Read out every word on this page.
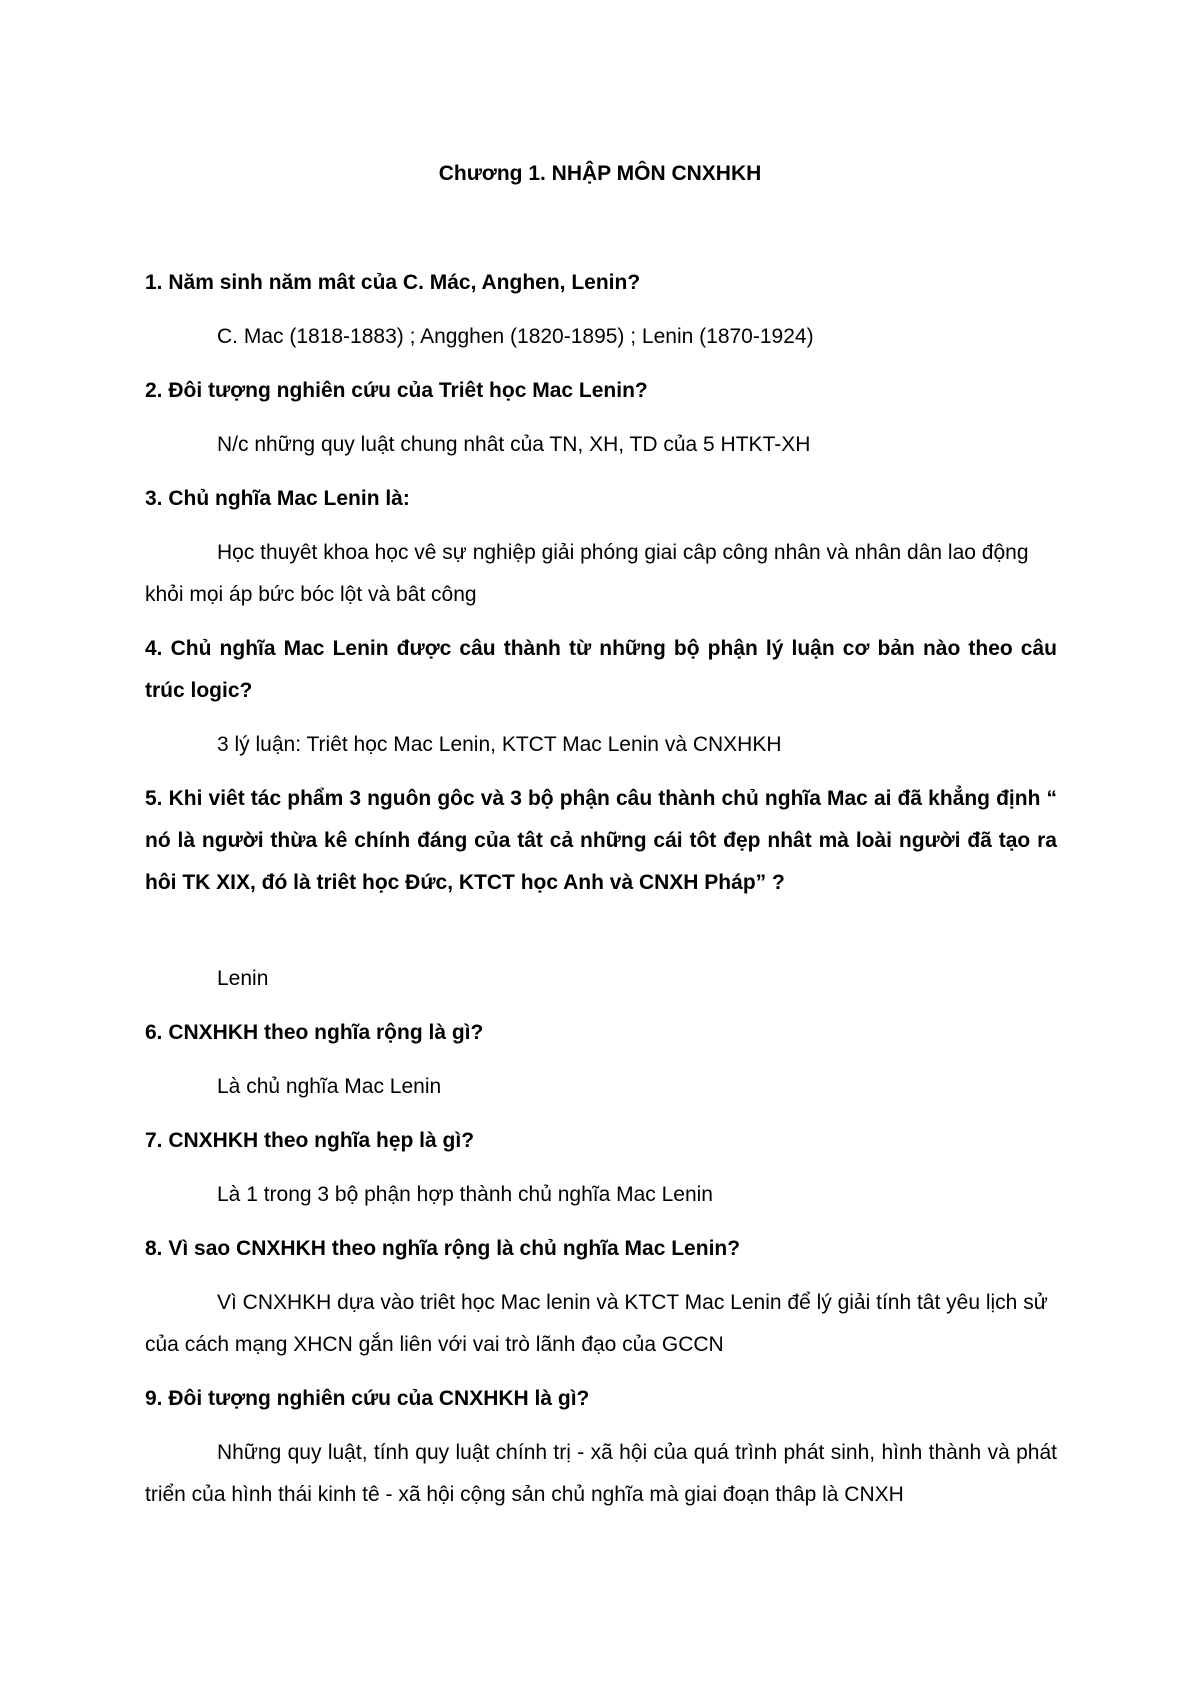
Chương 1. NHẬP MÔN CNXHKH

1. Năm sinh năm mât của C. Mác, Anghen, Lenin?

C. Mac (1818-1883) ; Angghen (1820-1895) ; Lenin (1870-1924)

2. Đôi tượng nghiên cứu của Triêt học Mac Lenin?

N/c những quy luật chung nhât của TN, XH, TD của 5 HTKT-XH

3. Chủ nghĩa Mac Lenin là:

Học thuyêt khoa học vê sự nghiệp giải phóng giai câp công nhân và nhân dân lao động khỏi mọi áp bức bóc lột và bât công

4. Chủ nghĩa Mac Lenin được câu thành từ những bộ phận lý luận cơ bản nào theo câu trúc logic?

3 lý luận: Triêt học Mac Lenin, KTCT Mac Lenin và CNXHKH

5. Khi viêt tác phẩm 3 nguôn gôc và 3 bộ phận câu thành chủ nghĩa Mac ai đã khẳng định “ nó là người thừa kê chính đáng của tât cả những cái tôt đẹp nhât mà loài người đã tạo ra hôi TK XIX, đó là triêt học Đức, KTCT học Anh và CNXH Pháp” ?

Lenin

6. CNXHKH theo nghĩa rộng là gì?

Là chủ nghĩa Mac Lenin

7. CNXHKH theo nghĩa hẹp là gì?

Là 1 trong 3 bộ phận hợp thành chủ nghĩa Mac Lenin

8. Vì sao CNXHKH theo nghĩa rộng là chủ nghĩa Mac Lenin?

Vì CNXHKH dựa vào triêt học Mac lenin và KTCT Mac Lenin để lý giải tính tât yêu lịch sử của cách mạng XHCN gắn liên với vai trò lãnh đạo của GCCN

9. Đôi tượng nghiên cứu của CNXHKH là gì?

Những quy luật, tính quy luật chính trị - xã hội của quá trình phát sinh, hình thành và phát triển của hình thái kinh tê - xã hội cộng sản chủ nghĩa mà giai đoạn thâp là CNXH
